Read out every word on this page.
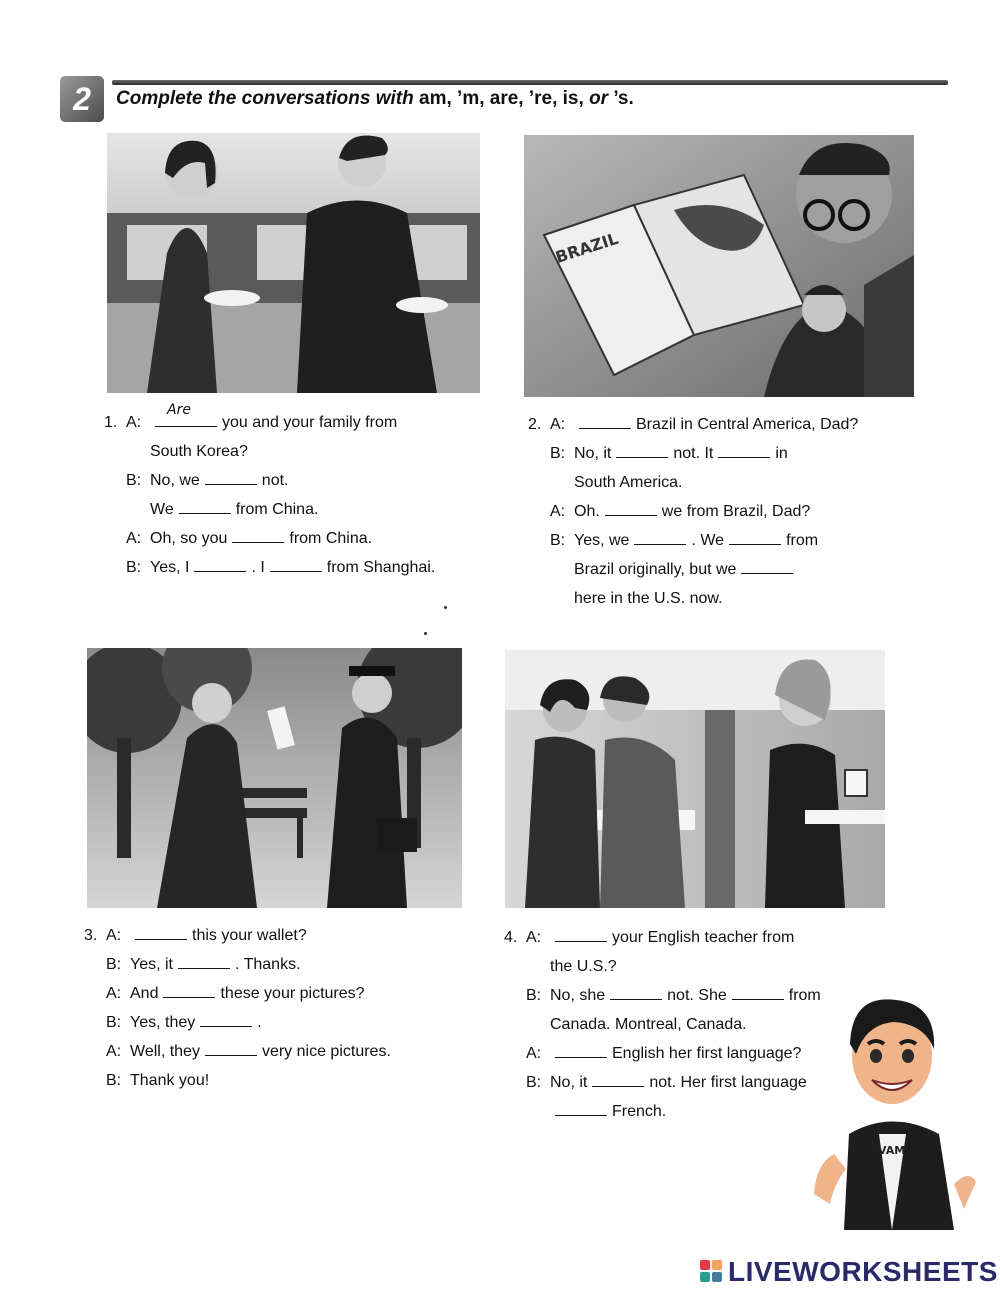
2	Complete the conversations with am, ’m, are, ’re, is, or ’s.
BRAZIL
1. A:
Are
you and your family from
South Korea?
B: No, we	not.
We	from China.
A: Oh, so you	from China.
B: Yes, I	. I	from Shanghai.
2. A:	Brazil in Central America, Dad?
B: No, it	not. It	in
South America.
A: Oh.	we from Brazil, Dad?
B: Yes, we	. We	from
Brazil originally, but we
here in the U.S. now.
3. A:	this your wallet?
B: Yes, it	. Thanks.
A: And	these your pictures?
B: Yes, they	.
A: Well, they	very nice pictures.
B: Thank you!
4. A:	your English teacher from
the U.S.?
B: No, she	not. She	from
Canada. Montreal, Canada.
A:	English her first language?
B: No, it	not. Her first language
French.
VAM
LIVEWORKSHEETS
